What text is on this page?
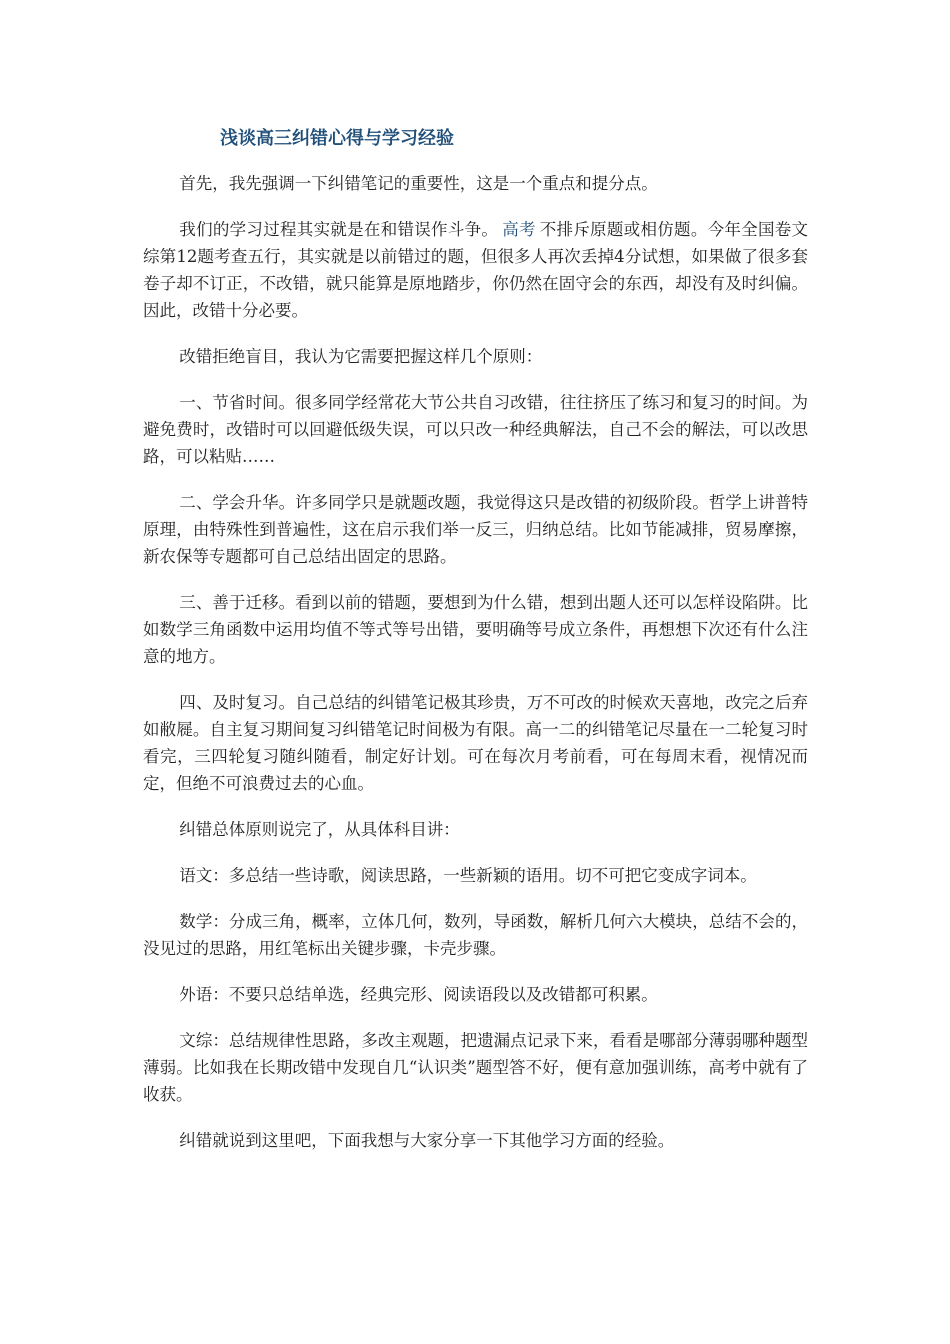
浅谈高三纠错心得与学习经验

首先，我先强调一下纠错笔记的重要性，这是一个重点和提分点。

我们的学习过程其实就是在和错误作斗争。 高考 不排斥原题或相仿题。今年全国卷文综第12题考查五行，其实就是以前错过的题，但很多人再次丢掉4分试想，如果做了很多套卷子却不订正，不改错，就只能算是原地踏步，你仍然在固守会的东西，却没有及时纠偏。因此，改错十分必要。

改错拒绝盲目，我认为它需要把握这样几个原则：

一、节省时间。很多同学经常花大节公共自习改错，往往挤压了练习和复习的时间。为避免费时，改错时可以回避低级失误，可以只改一种经典解法，自己不会的解法，可以改思路，可以粘贴……

二、学会升华。许多同学只是就题改题，我觉得这只是改错的初级阶段。哲学上讲普特原理，由特殊性到普遍性，这在启示我们举一反三，归纳总结。比如节能减排，贸易摩擦，新农保等专题都可自己总结出固定的思路。

三、善于迁移。看到以前的错题，要想到为什么错，想到出题人还可以怎样设陷阱。比如数学三角函数中运用均值不等式等号出错，要明确等号成立条件，再想想下次还有什么注意的地方。

四、及时复习。自己总结的纠错笔记极其珍贵，万不可改的时候欢天喜地，改完之后弃如敝屣。自主复习期间复习纠错笔记时间极为有限。高一二的纠错笔记尽量在一二轮复习时看完，三四轮复习随纠随看，制定好计划。可在每次月考前看，可在每周末看，视情况而定，但绝不可浪费过去的心血。

纠错总体原则说完了，从具体科目讲：

语文：多总结一些诗歌，阅读思路，一些新颖的语用。切不可把它变成字词本。

数学：分成三角，概率，立体几何，数列，导函数，解析几何六大模块，总结不会的，没见过的思路，用红笔标出关键步骤，卡壳步骤。

外语：不要只总结单选，经典完形、阅读语段以及改错都可积累。

文综：总结规律性思路，多改主观题，把遗漏点记录下来，看看是哪部分薄弱哪种题型薄弱。比如我在长期改错中发现自几“认识类”题型答不好，便有意加强训练，高考中就有了收获。

纠错就说到这里吧，下面我想与大家分享一下其他学习方面的经验。
